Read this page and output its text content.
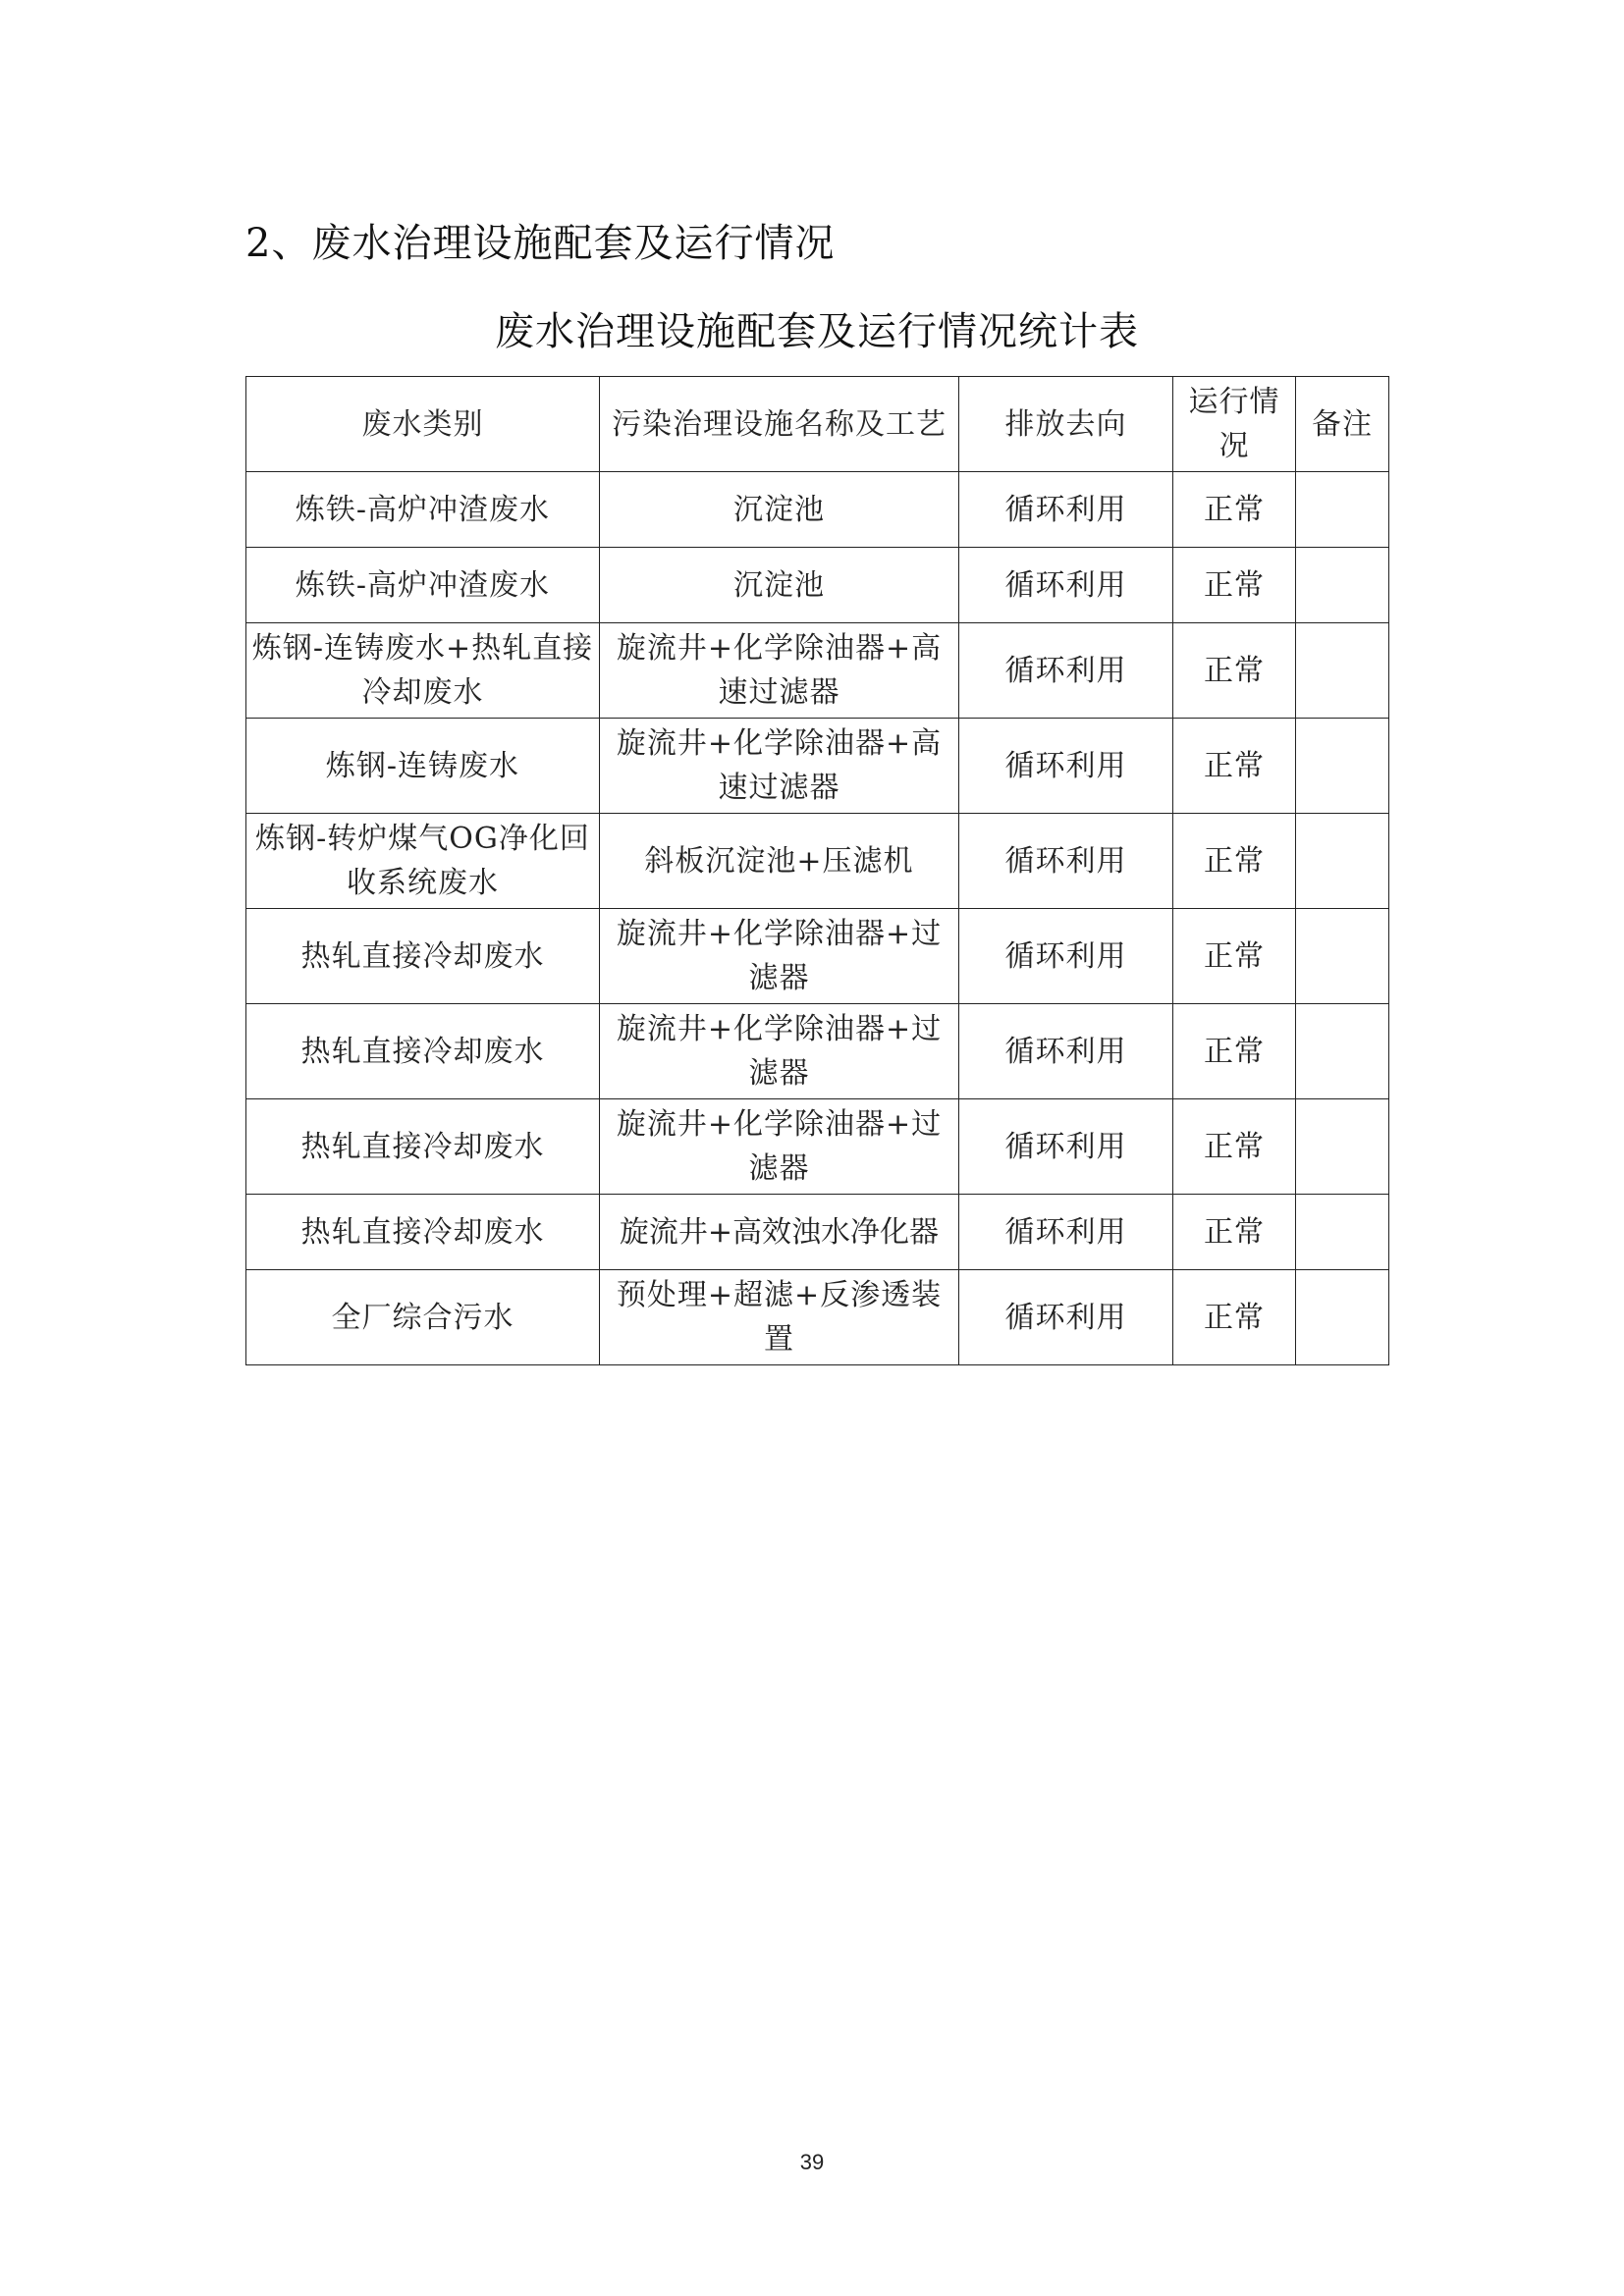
2、废水治理设施配套及运行情况
废水治理设施配套及运行情况统计表
废水类别	污染治理设施名称及工艺	排放去向	运行情况	备注
炼铁-高炉冲渣废水	沉淀池	循环利用	正常	
炼铁-高炉冲渣废水	沉淀池	循环利用	正常	
炼钢-连铸废水+热轧直接冷却废水	旋流井+化学除油器+高速过滤器	循环利用	正常	
炼钢-连铸废水	旋流井+化学除油器+高速过滤器	循环利用	正常	
炼钢-转炉煤气OG净化回收系统废水	斜板沉淀池+压滤机	循环利用	正常	
热轧直接冷却废水	旋流井+化学除油器+过滤器	循环利用	正常	
热轧直接冷却废水	旋流井+化学除油器+过滤器	循环利用	正常	
热轧直接冷却废水	旋流井+化学除油器+过滤器	循环利用	正常	
热轧直接冷却废水	旋流井+高效浊水净化器	循环利用	正常	
全厂综合污水	预处理+超滤+反渗透装置	循环利用	正常	
39
